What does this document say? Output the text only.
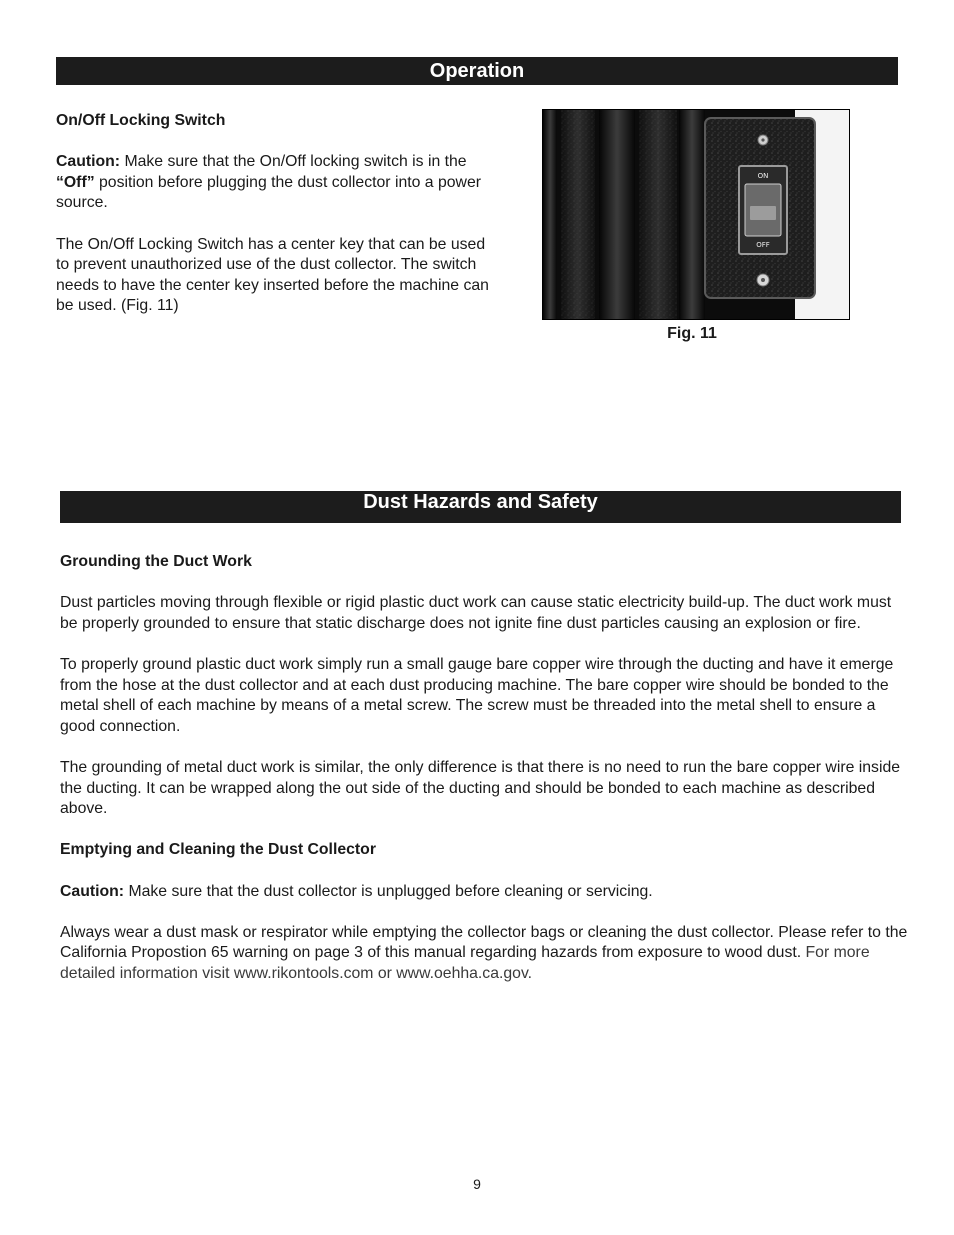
Operation

On/Off Locking Switch

Caution: Make sure that the On/Off locking switch is in the “Off” position before plugging the dust collector into a power source.

The On/Off Locking Switch has a center key that can be used to prevent unauthorized use of the dust collector. The switch needs to have the center key inserted before the machine can be used. (Fig. 11)

ON
OFF
Fig. 11
Dust Hazards and Safety

Grounding the Duct Work

Dust particles moving through flexible or rigid plastic duct work can cause static electricity build-up. The duct work must be properly grounded to ensure that static discharge does not ignite fine dust particles causing an explosion or fire.

To properly ground plastic duct work simply run a small gauge bare copper wire through the ducting and have it emerge from the hose at the dust collector and at each dust producing machine. The bare copper wire should be bonded to the metal shell of each machine by means of a metal screw. The screw must be threaded into the metal shell to ensure a good connection.

The grounding of metal duct work is similar, the only difference is that there is no need to run the bare copper wire inside the ducting. It can be wrapped along the out side of the ducting and should be bonded to each machine as described above.

Emptying and Cleaning the Dust Collector

Caution: Make sure that the dust collector is unplugged before cleaning or servicing.

Always wear a dust mask or respirator while emptying the collector bags or cleaning the dust collector. Please refer to the California Propostion 65 warning on page 3 of this manual regarding hazards from exposure to wood dust. For more detailed information visit www.rikontools.com or www.oehha.ca.gov.

9
